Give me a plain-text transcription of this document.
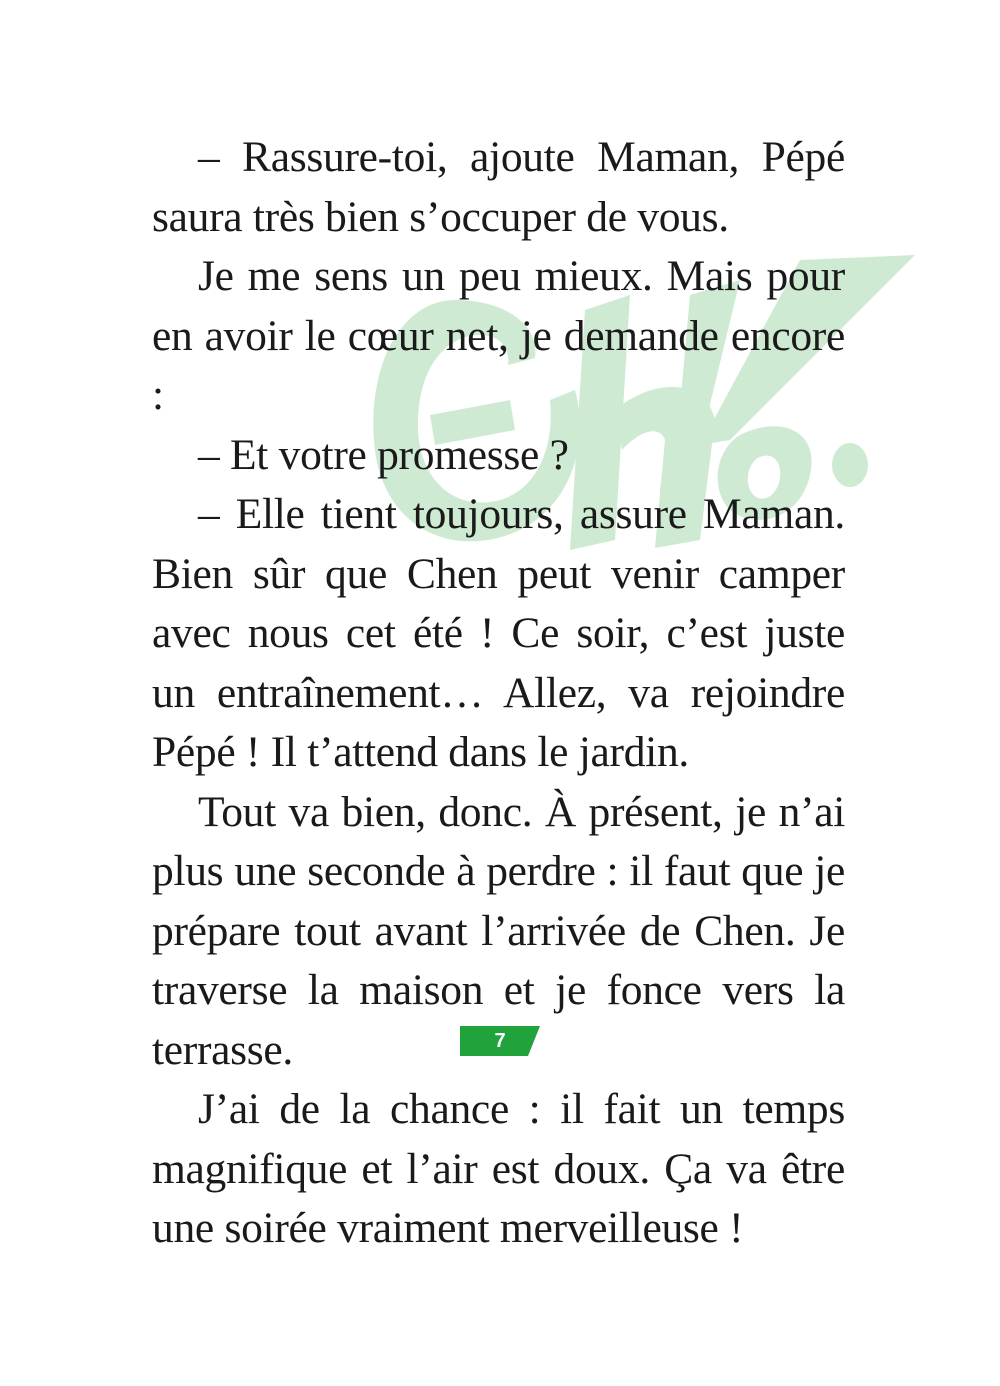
– Rassure-toi, ajoute Maman, Pépé saura très bien s’occuper de vous.

Je me sens un peu mieux. Mais pour en avoir le cœur net, je demande encore :

– Et votre promesse ?

– Elle tient toujours, assure Maman. Bien sûr que Chen peut venir camper avec nous cet été ! Ce soir, c’est juste un entraînement… Allez, va rejoindre Pépé ! Il t’attend dans le jardin.

Tout va bien, donc. À présent, je n’ai plus une seconde à perdre : il faut que je prépare tout avant l’arrivée de Chen. Je traverse la maison et je fonce vers la terrasse.

J’ai de la chance : il fait un temps magnifique et l’air est doux. Ça va être une soirée vraiment merveilleuse !

7
